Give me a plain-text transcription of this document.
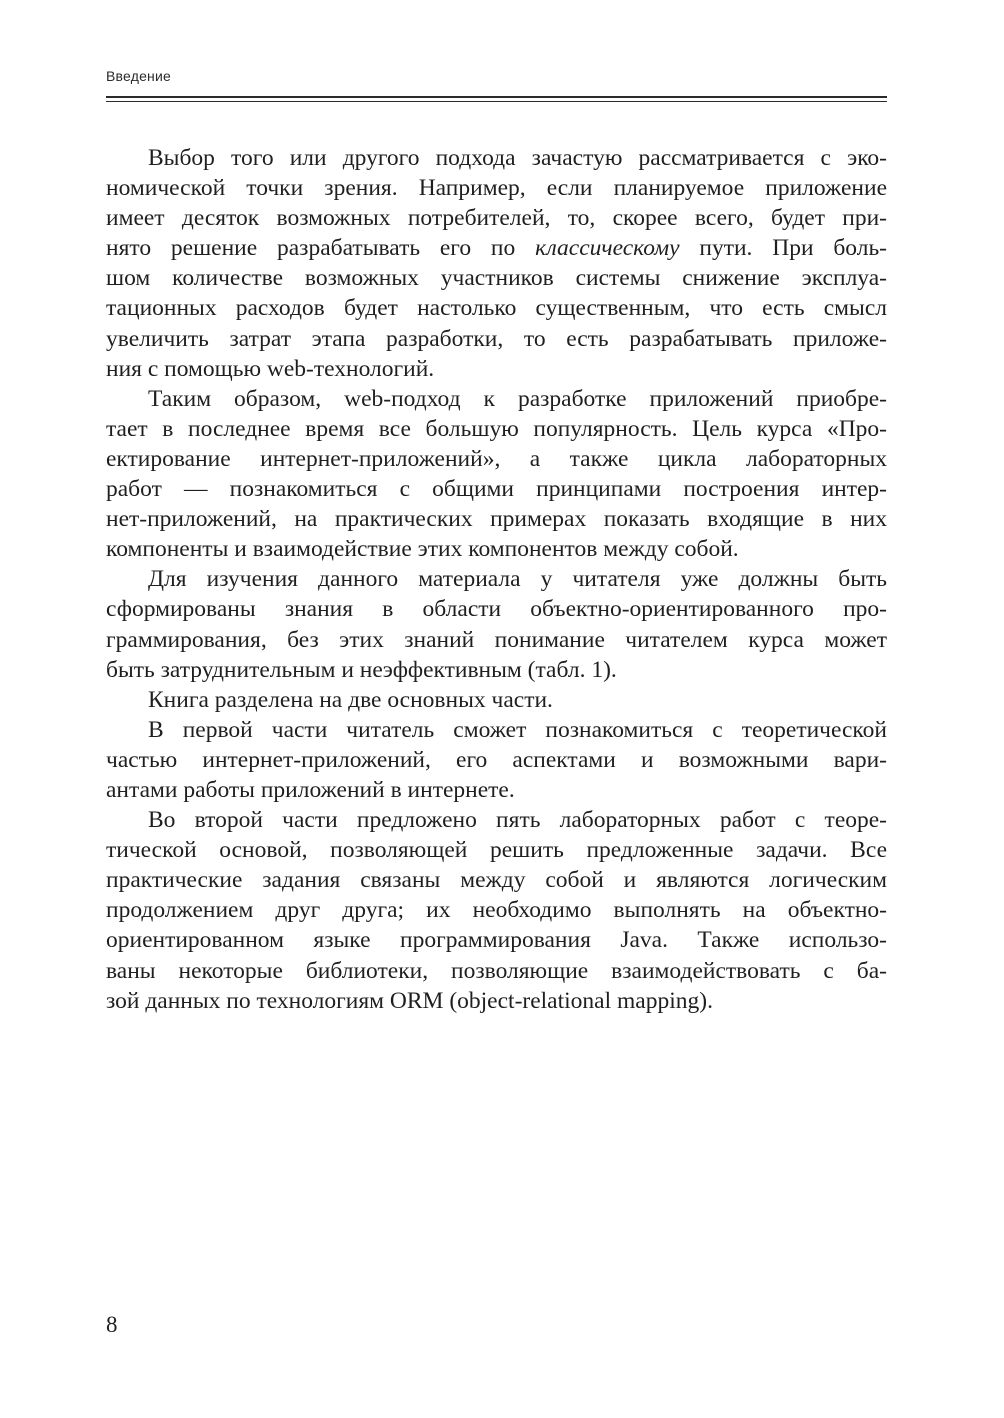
Введение

Выбор того или другого подхода зачастую рассматривается с эко-
номической точки зрения. Например, если планируемое приложение
имеет десяток возможных потребителей, то, скорее всего, будет при-
нято решение разрабатывать его по классическому пути. При боль-
шом количестве возможных участников системы снижение эксплуа-
тационных расходов будет настолько существенным, что есть смысл
увеличить затрат этапа разработки, то есть разрабатывать приложе-
ния с помощью web-технологий.

Таким образом, web-подход к разработке приложений приобре-
тает в последнее время все большую популярность. Цель курса «Про-
ектирование интернет-приложений», а также цикла лабораторных
работ — познакомиться с общими принципами построения интер-
нет-приложений, на практических примерах показать входящие в них
компоненты и взаимодействие этих компонентов между собой.

Для изучения данного материала у читателя уже должны быть
сформированы знания в области объектно-ориентированного про-
граммирования, без этих знаний понимание читателем курса может
быть затруднительным и неэффективным (табл. 1).

Книга разделена на две основных части.

В первой части читатель сможет познакомиться с теоретической
частью интернет-приложений, его аспектами и возможными вари-
антами работы приложений в интернете.

Во второй части предложено пять лабораторных работ с теоре-
тической основой, позволяющей решить предложенные задачи. Все
практические задания связаны между собой и являются логическим
продолжением друг друга; их необходимо выполнять на объектно-
ориентированном языке программирования Java. Также использо-
ваны некоторые библиотеки, позволяющие взаимодействовать с ба-
зой данных по технологиям ORM (object-relational mapping).

8
